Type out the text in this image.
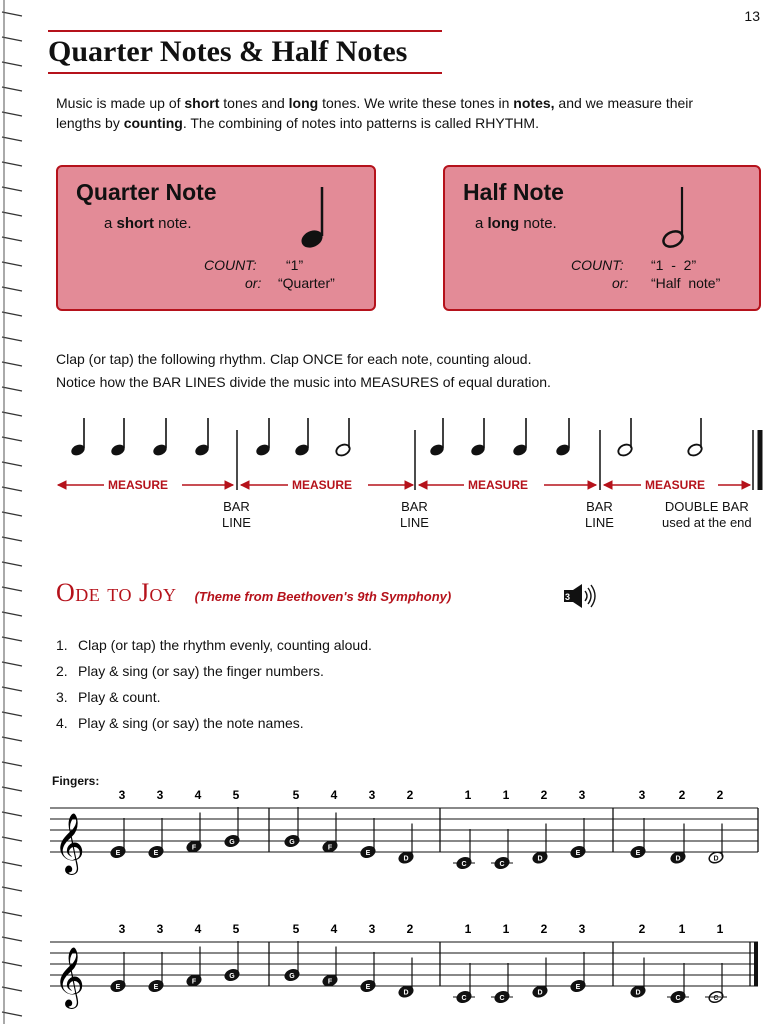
13
Quarter Notes & Half Notes
Music is made up of short tones and long tones. We write these tones in notes, and we measure their lengths by counting. The combining of notes into patterns is called RHYTHM.
Quarter Note
a short note.
COUNT: “1”
or: “Quarter”
Half Note
a long note.
COUNT: “1  -  2”
or: “Half  note”
Clap (or tap) the following rhythm. Clap ONCE for each note, counting aloud.
Notice how the BAR LINES divide the music into MEASURES of equal duration.
MEASURE	MEASURE	MEASURE	MEASURE
BAR
LINE
BAR
LINE
BAR
LINE
DOUBLE BAR
used at the end
Ode to Joy (Theme from Beethoven's 9th Symphony)	3
1. Clap (or tap) the rhythm evenly, counting aloud.
2. Play & sing (or say) the finger numbers.
3. Play & count.
4. Play & sing (or say) the note names.
Fingers:
𝄞	E
3
E
3
F
4
G
5
G
5
F
4
E
3
D
2
C
1
C
1
D
2
E
3
E
3
D
2
D
2
𝄞	E
3
E
3
F
4
G
5
G
5
F
4
E
3
D
2
C
1
C
1
D
2
E
3
D
2
C
1
C
1
